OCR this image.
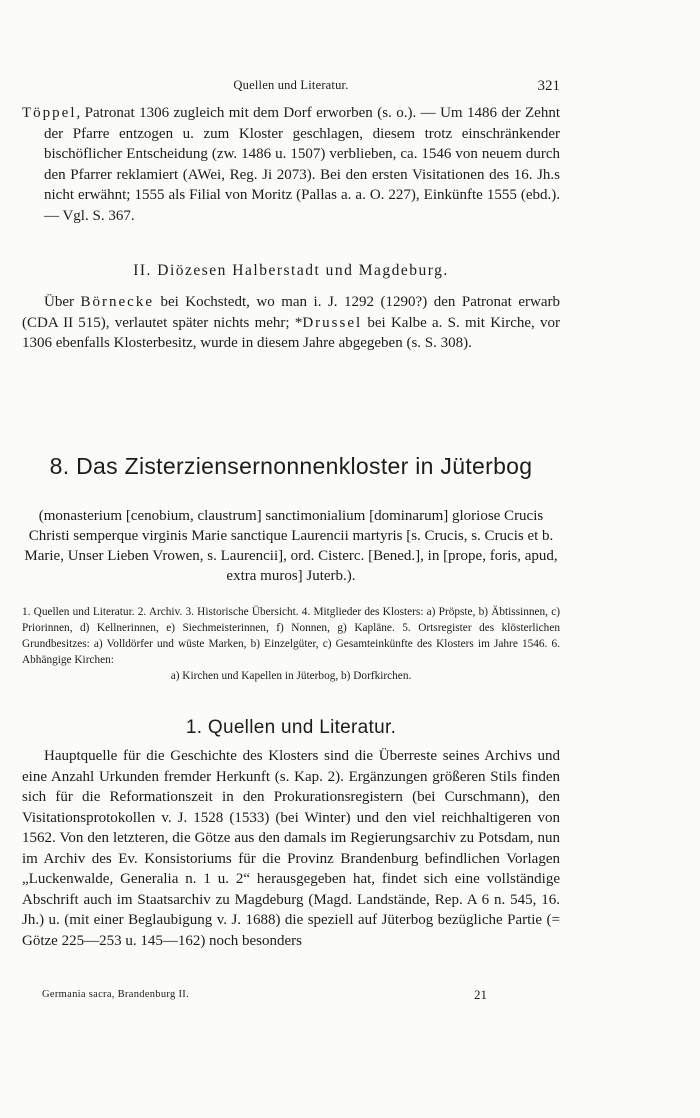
Quellen und Literatur.	321

Töppel, Patronat 1306 zugleich mit dem Dorf erworben (s. o.). — Um 1486 der Zehnt der Pfarre entzogen u. zum Kloster geschlagen, diesem trotz einschränkender bischöflicher Entscheidung (zw. 1486 u. 1507) verblieben, ca. 1546 von neuem durch den Pfarrer reklamiert (AWei, Reg. Ji 2073). Bei den ersten Visitationen des 16. Jh.s nicht erwähnt; 1555 als Filial von Moritz (Pallas a. a. O. 227), Einkünfte 1555 (ebd.). — Vgl. S. 367.

II. Diözesen Halberstadt und Magdeburg.

Über Börnecke bei Kochstedt, wo man i. J. 1292 (1290?) den Patronat erwarb (CDA II 515), verlautet später nichts mehr; *Drussel bei Kalbe a. S. mit Kirche, vor 1306 ebenfalls Klosterbesitz, wurde in diesem Jahre abgegeben (s. S. 308).

8. Das Zisterziensernonnenkloster in Jüterbog
(monasterium [cenobium, claustrum] sanctimonialium [dominarum] gloriose Crucis Christi semperque virginis Marie sanctique Laurencii martyris [s. Crucis, s. Crucis et b. Marie, Unser Lieben Vrowen, s. Laurencii], ord. Cisterc. [Bened.], in [prope, foris, apud, extra muros] Juterb.).
1. Quellen und Literatur. 2. Archiv. 3. Historische Übersicht. 4. Mitglieder des Klosters: a) Pröpste, b) Äbtissinnen, c) Priorinnen, d) Kellnerinnen, e) Siechmeisterinnen, f) Nonnen, g) Kapläne. 5. Ortsregister des klösterlichen Grundbesitzes: a) Volldörfer und wüste Marken, b) Einzelgüter, c) Gesamteinkünfte des Klosters im Jahre 1546. 6. Abhängige Kirchen:
a) Kirchen und Kapellen in Jüterbog, b) Dorfkirchen.
1. Quellen und Literatur.

Hauptquelle für die Geschichte des Klosters sind die Überreste seines Archivs und eine Anzahl Urkunden fremder Herkunft (s. Kap. 2). Ergänzungen größeren Stils finden sich für die Reformationszeit in den Prokurationsregistern (bei Curschmann), den Visitationsprotokollen v. J. 1528 (1533) (bei Winter) und den viel reichhaltigeren von 1562. Von den letzteren, die Götze aus den damals im Regierungsarchiv zu Potsdam, nun im Archiv des Ev. Konsistoriums für die Provinz Brandenburg befindlichen Vorlagen „Luckenwalde, Generalia n. 1 u. 2“ herausgegeben hat, findet sich eine vollständige Abschrift auch im Staatsarchiv zu Magdeburg (Magd. Landstände, Rep. A 6 n. 545, 16. Jh.) u. (mit einer Beglaubigung v. J. 1688) die speziell auf Jüterbog bezügliche Partie (= Götze 225—253 u. 145—162) noch besonders

Germania sacra, Brandenburg II.	21
